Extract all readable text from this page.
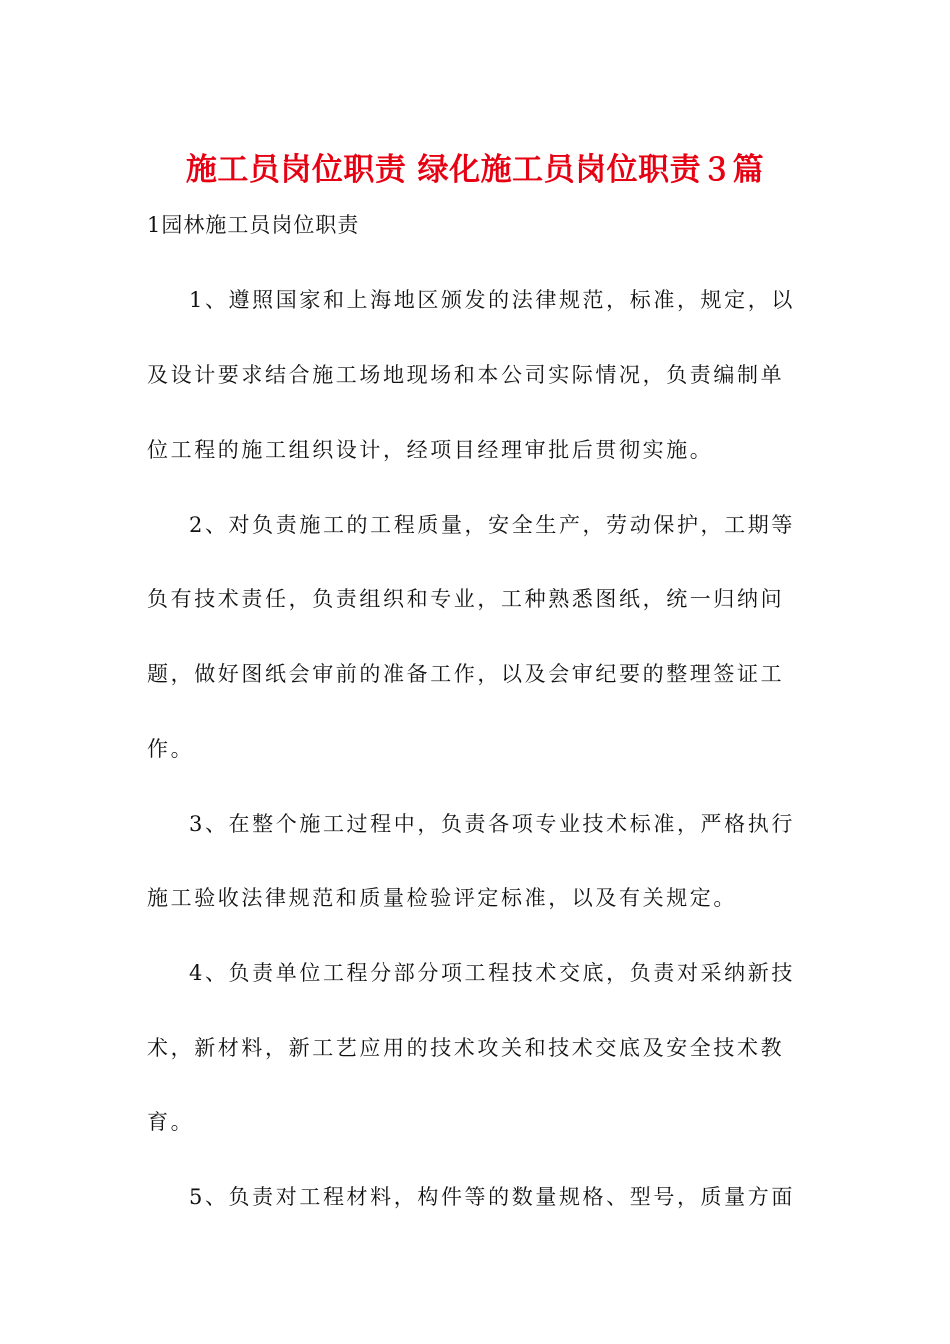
施工员岗位职责 绿化施工员岗位职责３篇
1园林施工员岗位职责
1、遵照国家和上海地区颁发的法律规范，标准，规定，以
及设计要求结合施工场地现场和本公司实际情况，负责编制单
位工程的施工组织设计，经项目经理审批后贯彻实施。
2、对负责施工的工程质量，安全生产，劳动保护，工期等
负有技术责任，负责组织和专业，工种熟悉图纸，统一归纳问
题，做好图纸会审前的准备工作，以及会审纪要的整理签证工
作。
3、在整个施工过程中，负责各项专业技术标准，严格执行
施工验收法律规范和质量检验评定标准，以及有关规定。
4、负责单位工程分部分项工程技术交底，负责对采纳新技
术，新材料，新工艺应用的技术攻关和技术交底及安全技术教
育。
5、负责对工程材料，构件等的数量规格、型号，质量方面
